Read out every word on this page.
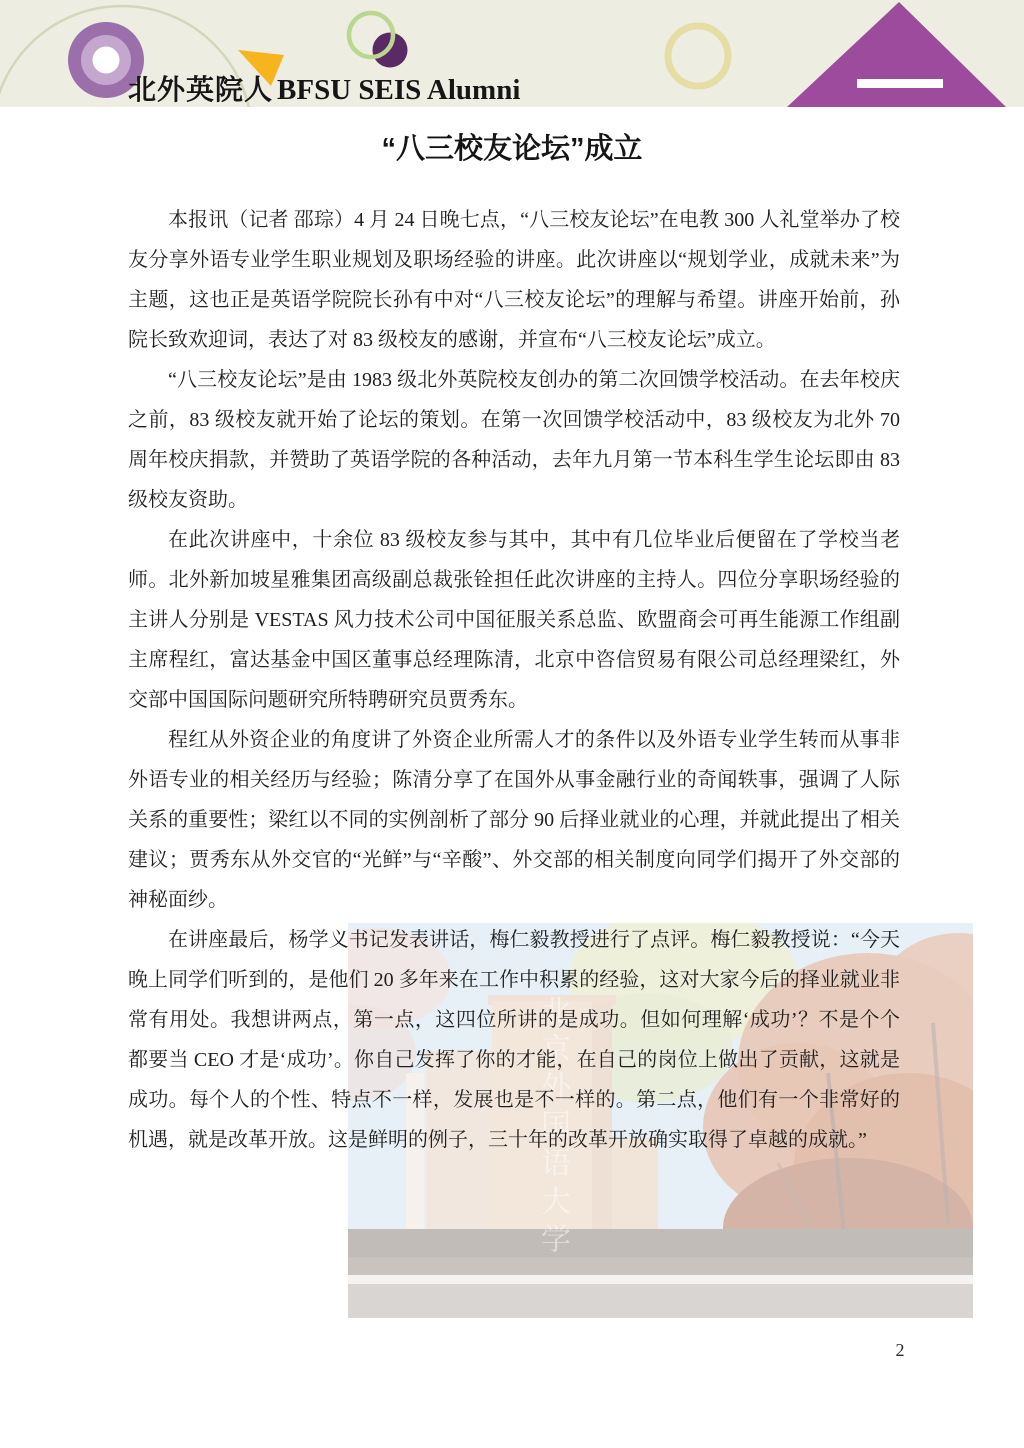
北外英院人 BFSU SEIS Alumni
“八三校友论坛”成立
北京外国语大学

本报讯（记者 邵琮）4 月 24 日晚七点，“八三校友论坛”在电教 300 人礼堂举办了校友分享外语专业学生职业规划及职场经验的讲座。此次讲座以“规划学业，成就未来”为主题，这也正是英语学院院长孙有中对“八三校友论坛”的理解与希望。讲座开始前，孙院长致欢迎词，表达了对 83 级校友的感谢，并宣布“八三校友论坛”成立。

“八三校友论坛”是由 1983 级北外英院校友创办的第二次回馈学校活动。在去年校庆之前，83 级校友就开始了论坛的策划。在第一次回馈学校活动中，83 级校友为北外 70 周年校庆捐款，并赞助了英语学院的各种活动，去年九月第一节本科生学生论坛即由 83 级校友资助。

在此次讲座中，十余位 83 级校友参与其中，其中有几位毕业后便留在了学校当老师。北外新加坡星雅集团高级副总裁张铨担任此次讲座的主持人。四位分享职场经验的主讲人分别是 VESTAS 风力技术公司中国征服关系总监、欧盟商会可再生能源工作组副主席程红，富达基金中国区董事总经理陈清，北京中咨信贸易有限公司总经理梁红，外交部中国国际问题研究所特聘研究员贾秀东。

程红从外资企业的角度讲了外资企业所需人才的条件以及外语专业学生转而从事非外语专业的相关经历与经验；陈清分享了在国外从事金融行业的奇闻轶事，强调了人际关系的重要性；梁红以不同的实例剖析了部分 90 后择业就业的心理，并就此提出了相关建议；贾秀东从外交官的“光鲜”与“辛酸”、外交部的相关制度向同学们揭开了外交部的神秘面纱。

在讲座最后，杨学义书记发表讲话，梅仁毅教授进行了点评。梅仁毅教授说：“今天晚上同学们听到的，是他们 20 多年来在工作中积累的经验，这对大家今后的择业就业非常有用处。我想讲两点，第一点，这四位所讲的是成功。但如何理解‘成功’？不是个个都要当 CEO 才是‘成功’。你自己发挥了你的才能，在自己的岗位上做出了贡献，这就是成功。每个人的个性、特点不一样，发展也是不一样的。第二点，他们有一个非常好的机遇，就是改革开放。这是鲜明的例子，三十年的改革开放确实取得了卓越的成就。”

2
